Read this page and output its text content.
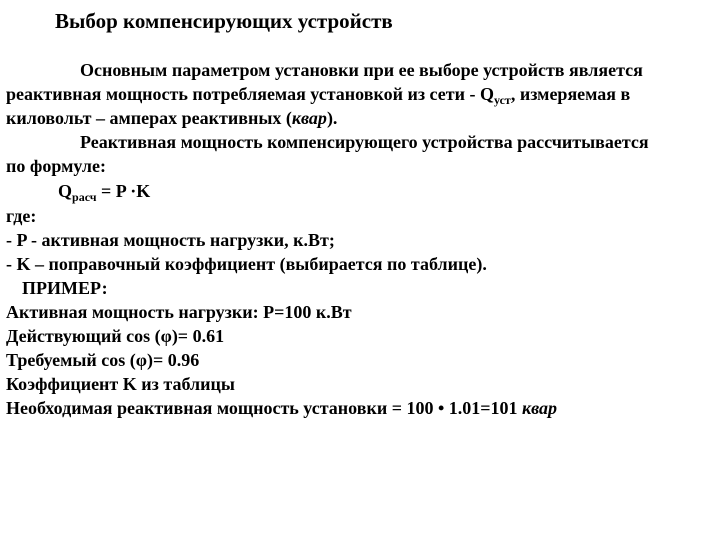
Выбор компенсирующих устройств
Основным параметром установки при ее выборе устройств является
реактивная мощность потребляемая установкой из сети - $Q_{уст}$, измеряемая в
киловольт – амперах реактивных (квар).
Реактивная мощность компенсирующего устройства рассчитывается
по формуле:
$Q_{расч} = P \cdot K$
где:
- P - активная мощность нагрузки, к.Вт;
- K – поправочный коэффициент (выбирается по таблице).
ПРИМЕР:
Активная мощность нагрузки: P=100 к.Вт
Действующий cos (φ)= 0.61
Требуемый cos (φ)= 0.96
Коэффициент K из таблицы
Необходимая реактивная мощность установки = 100 • 1.01=101 квар
